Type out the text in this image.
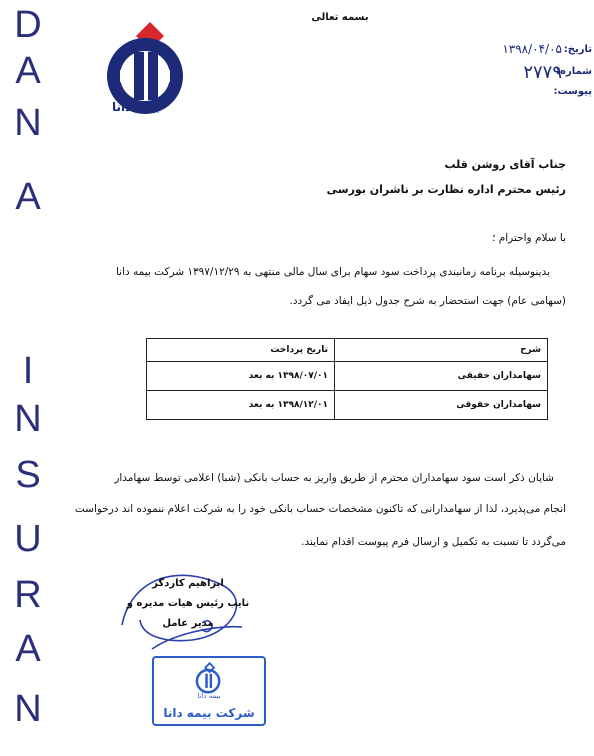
D
A
N
A
I
N
S
U
R
A
N
بسمه تعالی
بیمه دانا
تاریخ:
۱۳۹۸/۰۴/۰۵
شماره:
۲۷۷۹
پیوست:
جناب آقای روشن قلب
رئیس محترم اداره نظارت بر ناشران بورسی
با سلام واحترام ؛
بدینوسیله برنامه زمانبندی پرداخت سود سهام برای سال مالی منتهی به ۱۳۹۷/۱۲/۲۹ شرکت بیمه دانا
(سهامی عام) جهت استحضار به شرح جدول ذیل ایفاد می گردد.
شرح	تاریخ پرداخت
سهامداران حقیقی	۱۳۹۸/۰۷/۰۱ به بعد
سهامداران حقوقی	۱۳۹۸/۱۲/۰۱ به بعد
شایان ذکر است سود سهامداران محترم از طریق واریز به حساب بانکی (شبا) اعلامی توسط سهامدار
انجام می‌پذیرد، لذا از سهامدارانی که تاکنون مشخصات حساب بانکی خود را به شرکت اعلام ننموده اند درخواست
می‌گردد تا نسبت به تکمیل و ارسال فرم پیوست اقدام نمایند.
ابراهیم کاردگر
نایب رئیس هیات مدیره و مدیر عامل
بیمه دانا
شرکت بیمه دانا
